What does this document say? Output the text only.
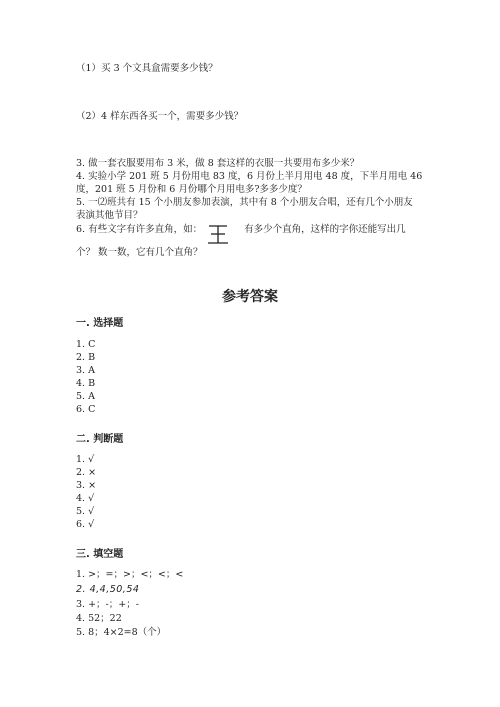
（1）买 3 个文具盒需要多少钱？
（2）4 样东西各买一个，需要多少钱？
3. 做一套衣服要用布 3 米，做 8 套这样的衣服一共要用布多少米？
4. 实验小学 201 班 5 月份用电 83 度，6 月份上半月用电 48 度，下半月用电 46
度，201 班 5 月份和 6 月份哪个月用电多?多多少度？
5. 一⑵班共有 15 个小朋友参加表演，其中有 8 个小朋友合唱，还有几个小朋友
表演其他节目？
6. 有些文字有许多直角，如：	有多少个直角，这样的字你还能写出几
个？ 数一数，它有几个直角？
参考答案
一. 选择题
1. C
2. B
3. A
4. B
5. A
6. C
二. 判断题
1. √
2. ×
3. ×
4. √
5. √
6. √
三. 填空题
1. >；=；>；<；<；<
2. 4,4,50,54
3. +；-；+；-
4. 52；22
5. 8；4×2=8（个）
